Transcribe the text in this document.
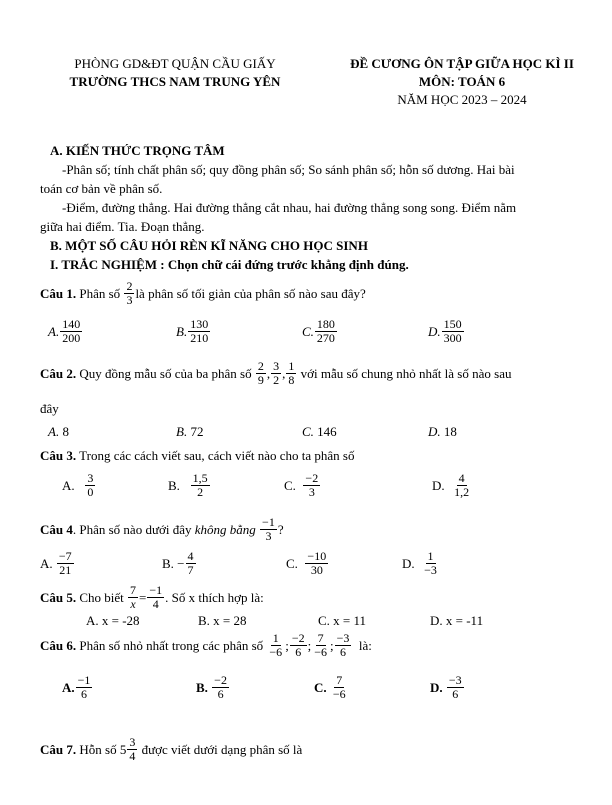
PHÒNG GD&ĐT QUẬN CẦU GIẤY
TRƯỜNG THCS NAM TRUNG YÊN
ĐỀ CƯƠNG ÔN TẬP GIỮA HỌC KÌ II
MÔN: TOÁN 6
NĂM HỌC 2023 – 2024
A. KIẾN THỨC TRỌNG TÂM
-Phân số; tính chất phân số; quy đồng phân số; So sánh phân số; hỗn số dương. Hai bài
toán cơ bản về phân số.
-Điểm, đường thẳng. Hai đường thẳng cắt nhau, hai đường thẳng song song. Điểm nằm
giữa hai điểm. Tia. Đoạn thẳng.
B. MỘT SỐ CÂU HỎI RÈN KĨ NĂNG CHO HỌC SINH
I. TRẮC NGHIỆM : Chọn chữ cái đứng trước khẳng định đúng.
Câu 1.
Phân số
$\frac{2}{3}$ là phân số tối giản của phân số nào sau đây?
A. $\frac{140}{200}$	B. $\frac{130}{210}$	C. $\frac{180}{270}$	D. $\frac{150}{300}$
Câu 2.
Quy đồng mẫu số của ba phân số
$\frac{2}{9}$ , $\frac{3}{2}$ , $\frac{1}{8}$
với mẫu số chung nhỏ nhất là số nào sau
đây
A. 8	B. 72	C. 146	D. 18
Câu 3. Trong các cách viết sau, cách viết nào cho ta phân số
A.
$\frac{3}{0}$	B.
$\frac{1,5}{2}$	C.
$\frac{-2}{3}$	D.
$\frac{4}{1,2}$
Câu 4 . Phân số nào dưới đây
không bằng
$\frac{-1}{3}$ ?
A.
$\frac{-7}{21}$	B.
− $\frac{4}{7}$	C.
$\frac{-10}{30}$	D.
$\frac{1}{-3}$
Câu 5.
Cho biết
$\frac{7}{x} = \frac{-1}{4}$ . Số x thích hợp là:
A. x = -28	B. x = 28	C. x = 11	D. x = -11
Câu 6.
Phân số nhỏ nhất trong các phân số
$\frac{1}{-6}$ ; $\frac{-2}{6}$ ; $\frac{7}{-6}$ ; $\frac{-3}{6}$
là:
A. $\frac{-1}{6}$	B.
$\frac{-2}{6}$	C.
$\frac{7}{-6}$	D.
$\frac{-3}{6}$
Câu 7.
Hỗn số
$5 \frac{3}{4}$
được viết dưới dạng phân số là
